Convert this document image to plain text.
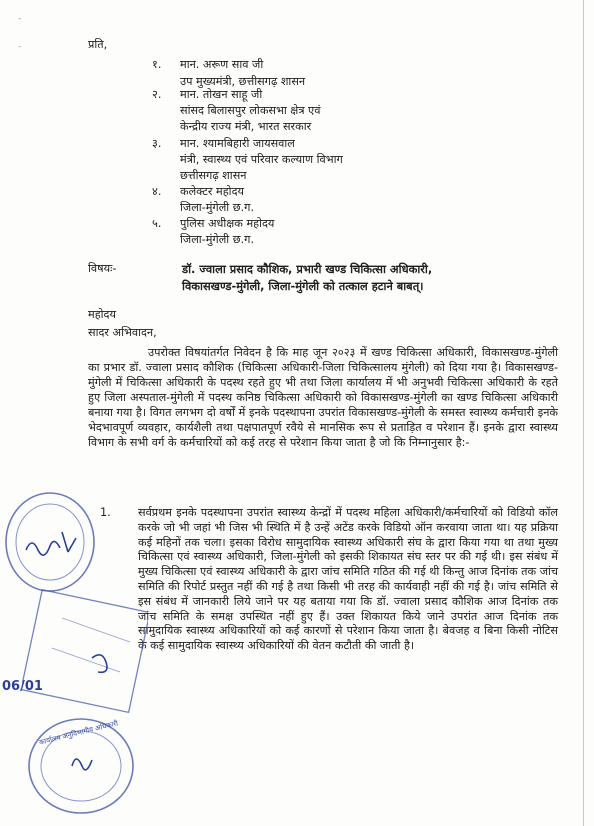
-
-	प्रति,
१. मान. अरूण साव जी
उप मुख्यमंत्री, छत्तीसगढ़ शासन
२. मान. तोखन साहू जी
सांसद बिलासपुर लोकसभा क्षेत्र एवं
केन्द्रीय राज्य मंत्री, भारत सरकार
३. मान. श्यामबिहारी जायसवाल
मंत्री, स्वास्थ्य एवं परिवार कल्याण विभाग
छत्तीसगढ़ शासन
४. कलेक्टर महोदय
जिला-मुंगेली छ.ग.
५. पुलिस अधीक्षक महोदय
जिला-मुंगेली छ.ग.
विषयः-	डॉ. ज्वाला प्रसाद कौशिक, प्रभारी खण्ड चिकित्सा अधिकारी,
विकासखण्ड-मुंगेली, जिला-मुंगेली को तत्काल हटाने बाबत्।
महोदय
सादर अभिवादन,
उपरोक्त विषयांतर्गत निवेदन है कि माह जून २०२३ में खण्ड चिकित्सा अधिकारी, विकासखण्ड-मुंगेली का प्रभार डॉ. ज्वाला प्रसाद कौशिक (चिकित्सा अधिकारी-जिला चिकित्सालय मुंगेली) को दिया गया है। विकासखण्ड-मुंगेली में चिकित्सा अधिकारी के पदस्थ रहते हुए भी तथा जिला कार्यालय में भी अनुभवी चिकित्सा अधिकारी के रहते हुए जिला अस्पताल-मुंगेली में पदस्थ कनिष्ठ चिकित्सा अधिकारी को विकासखण्ड-मुंगेली का खण्ड चिकित्सा अधिकारी बनाया गया है। विगत लगभग दो वर्षों में इनके पदस्थापना उपरांत विकासखण्ड-मुंगेली के समस्त स्वास्थ्य कर्मचारी इनके भेदभावपूर्ण व्यवहार, कार्यशैली तथा पक्षपातपूर्ण रवैये से मानसिक रूप से प्रताड़ित व परेशान हैं। इनके द्वारा स्वास्थ्य विभाग के सभी वर्ग के कर्मचारियों को कई तरह से परेशान किया जाता है जो कि निम्नानुसार है:-
1. सर्वप्रथम इनके पदस्थापना उपरांत स्वास्थ्य केन्द्रों में पदस्थ महिला अधिकारी/कर्मचारियों को विडियो कॉल करके जो भी जहां भी जिस भी स्थिति में है उन्हें अटेंड करके विडियो ऑन करवाया जाता था। यह प्रक्रिया कई महिनों तक चला। इसका विरोध सामुदायिक स्वास्थ्य अधिकारी संघ के द्वारा किया गया था तथा मुख्य चिकित्सा एवं स्वास्थ्य अधिकारी, जिला-मुंगेली को इसकी शिकायत संघ स्तर पर की गई थी। इस संबंध में मुख्य चिकित्सा एवं स्वास्थ्य अधिकारी के द्वारा जांच समिति गठित की गई थी किन्तु आज दिनांक तक जांच समिति की रिपोर्ट प्रस्तुत नहीं की गई है तथा किसी भी तरह की कार्यवाही नहीं की गई है। जांच समिति से इस संबंध में जानकारी लिये जाने पर यह बताया गया कि डॉ. ज्वाला प्रसाद कौशिक आज दिनांक तक जांच समिति के समक्ष उपस्थित नहीं हुए हैं। उक्त शिकायत किये जाने उपरांत आज दिनांक तक सामुदायिक स्वास्थ्य अधिकारियों को कई कारणों से परेशान किया जाता है। बेवजह व बिना किसी नोटिस के कई सामुदायिक स्वास्थ्य अधिकारियों की वेतन कटौती की जाती है।
06/01
कार्यालय अनुविभागीय अधिकारी
